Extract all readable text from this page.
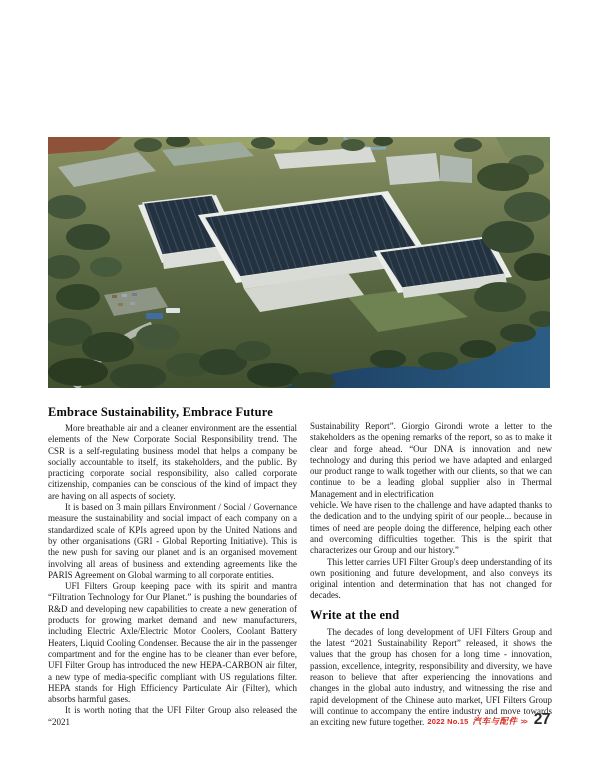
Embrace Sustainability, Embrace Future

More breathable air and a cleaner environment are the essential elements of the New Corporate Social Responsibility trend. The CSR is a self-regulating business model that helps a company be socially accountable to itself, its stakeholders, and the public. By practicing corporate social responsibility, also called corporate citizenship, companies can be conscious of the kind of impact they are having on all aspects of society.

It is based on 3 main pillars Environment / Social / Governance measure the sustainability and social impact of each company on a standardized scale of KPIs agreed upon by the United Nations and by other organisations (GRI - Global Reporting Initiative). This is the new push for saving our planet and is an organised movement involving all areas of business and extending agreements like the PARIS Agreement on Global warming to all corporate entities.

UFI Filters Group keeping pace with its spirit and mantra “Filtration Technology for Our Planet.” is pushing the boundaries of R&D and developing new capabilities to create a new generation of products for growing market demand and new manufacturers, including Electric Axle/Electric Motor Coolers, Coolant Battery Heaters, Liquid Cooling Condenser. Because the air in the passenger compartment and for the engine has to be cleaner than ever before, UFI Filter Group has introduced the new HEPA-CARBON air filter, a new type of media-specific compliant with US regulations filter. HEPA stands for High Efficiency Particulate Air (Filter), which absorbs harmful gases.

It is worth noting that the UFI Filter Group also released the “2021

Sustainability Report”. Giorgio Girondi wrote a letter to the stakeholders as the opening remarks of the report, so as to make it clear and forge ahead. “Our DNA is innovation and new technology and during this period we have adapted and enlarged our product range to walk together with our clients, so that we can continue to be a leading global supplier also in Thermal Management and in electrification

vehicle. We have risen to the challenge and have adapted thanks to the dedication and to the undying spirit of our people... because in times of need are people doing the difference, helping each other and overcoming difficulties together. This is the spirit that characterizes our Group and our history.”

This letter carries UFI Filter Group's deep understanding of its own positioning and future development, and also conveys its original intention and determination that has not changed for decades.

Write at the end

The decades of long development of UFI Filters Group and the latest “2021 Sustainability Report” released, it shows the values that the group has chosen for a long time - innovation, passion, excellence, integrity, responsibility and diversity, we have reason to believe that after experiencing the innovations and changes in the global auto industry, and witnessing the rise and rapid development of the Chinese auto market, UFI Filters Group will continue to accompany the entire industry and move towards an exciting new future together. 2022 No.15 汽车与配件 >> 27
